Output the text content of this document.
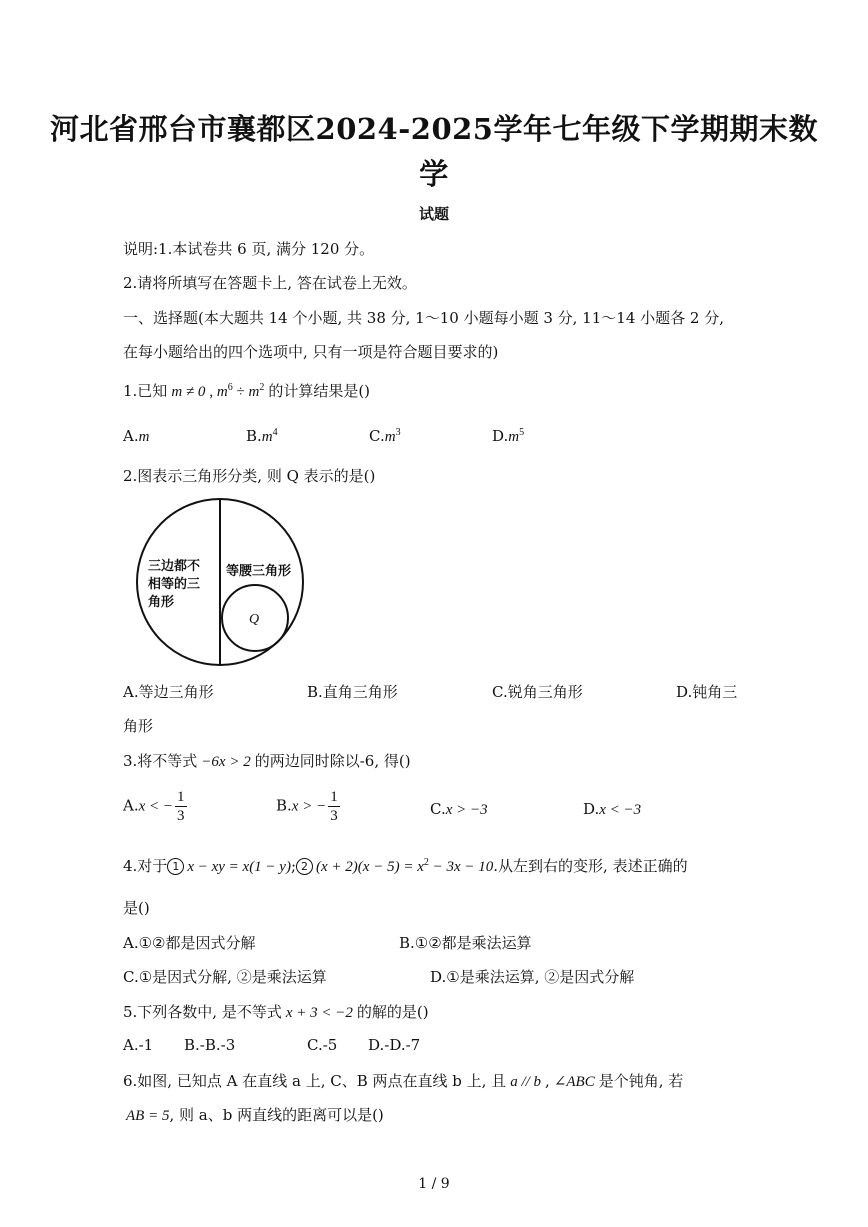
河北省邢台市襄都区2024-2025学年七年级下学期期末数
学
试题
说明:1.本试卷共 6 页, 满分 120 分。
2.请将所填写在答题卡上, 答在试卷上无效。
一、选择题(本大题共 14 个小题, 共 38 分, 1～10 小题每小题 3 分, 11～14 小题各 2 分,
在每小题给出的四个选项中, 只有一项是符合题目要求的)
1.已知 m ≠ 0 , $m^6 \div m^2$ 的计算结果是()
A.m	$B.m^4$	$C.m^3$	$D.m^5$
2.图表示三角形分类, 则 Q 表示的是()
三边都不
相等的三
角形
等腰三角形
Q
A.等边三角形	B.直角三角形	C.锐角三角形	D.钝角三
角形
3.将不等式 −6x > 2 的两边同时除以-6, 得()
A.x < − $\frac{1}{3}$	B.x > − $\frac{1}{3}$	C.x > −3	D.x < −3
4.对于 1 x − xy = x(1 − y); 2 $(x + 2)(x - 5) = x^2 - 3x - 10$.从左到右的变形, 表述正确的
是()
A.①②都是因式分解	B.①②都是乘法运算
C.①是因式分解, ②是乘法运算	D.①是乘法运算, ②是因式分解
5.下列各数中, 是不等式 x + 3 < −2 的解的是()
A.-1 B.-B.-3	C.-5 D.-D.-7
6.如图, 已知点 A 在直线 a 上, C、B 两点在直线 b 上, 且 a // b , ∠ABC 是个钝角, 若
AB = 5, 则 a、b 两直线的距离可以是()
1 / 9
